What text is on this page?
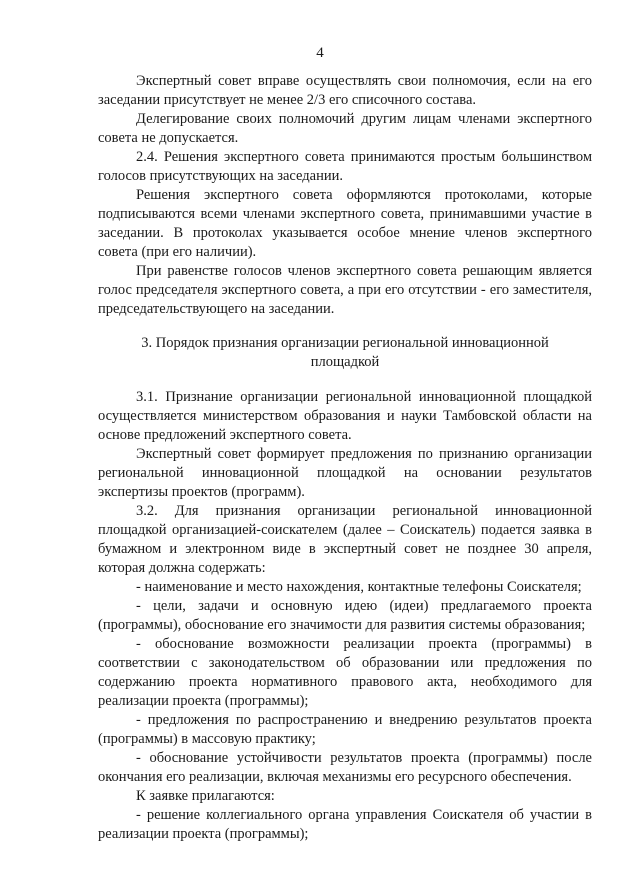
4

Экспертный совет вправе осуществлять свои полномочия, если на его заседании присутствует не менее 2/3 его списочного состава.

Делегирование своих полномочий другим лицам членами экспертного совета не допускается.

2.4. Решения экспертного совета принимаются простым большинством голосов присутствующих на заседании.

Решения экспертного совета оформляются протоколами, которые подписываются всеми членами экспертного совета, принимавшими участие в заседании. В протоколах указывается особое мнение членов экспертного совета (при его наличии).

При равенстве голосов членов экспертного совета решающим является голос председателя экспертного совета, а при его отсутствии - его заместителя, председательствующего на заседании.

3. Порядок признания организации региональной инновационной площадкой

3.1. Признание организации региональной инновационной площадкой осуществляется министерством образования и науки Тамбовской области на основе предложений экспертного совета.

Экспертный совет формирует предложения по признанию организации региональной инновационной площадкой на основании результатов экспертизы проектов (программ).

3.2. Для признания организации региональной инновационной площадкой организацией-соискателем (далее – Соискатель) подается заявка в бумажном и электронном виде в экспертный совет не позднее 30 апреля, которая должна содержать:

- наименование и место нахождения, контактные телефоны Соискателя;

- цели, задачи и основную идею (идеи) предлагаемого проекта (программы), обоснование его значимости для развития системы образования;

- обоснование возможности реализации проекта (программы) в соответствии с законодательством об образовании или предложения по содержанию проекта нормативного правового акта, необходимого для реализации проекта (программы);

- предложения по распространению и внедрению результатов проекта (программы) в массовую практику;

- обоснование устойчивости результатов проекта (программы) после окончания его реализации, включая механизмы его ресурсного обеспечения.

К заявке прилагаются:

- решение коллегиального органа управления Соискателя об участии в реализации проекта (программы);
